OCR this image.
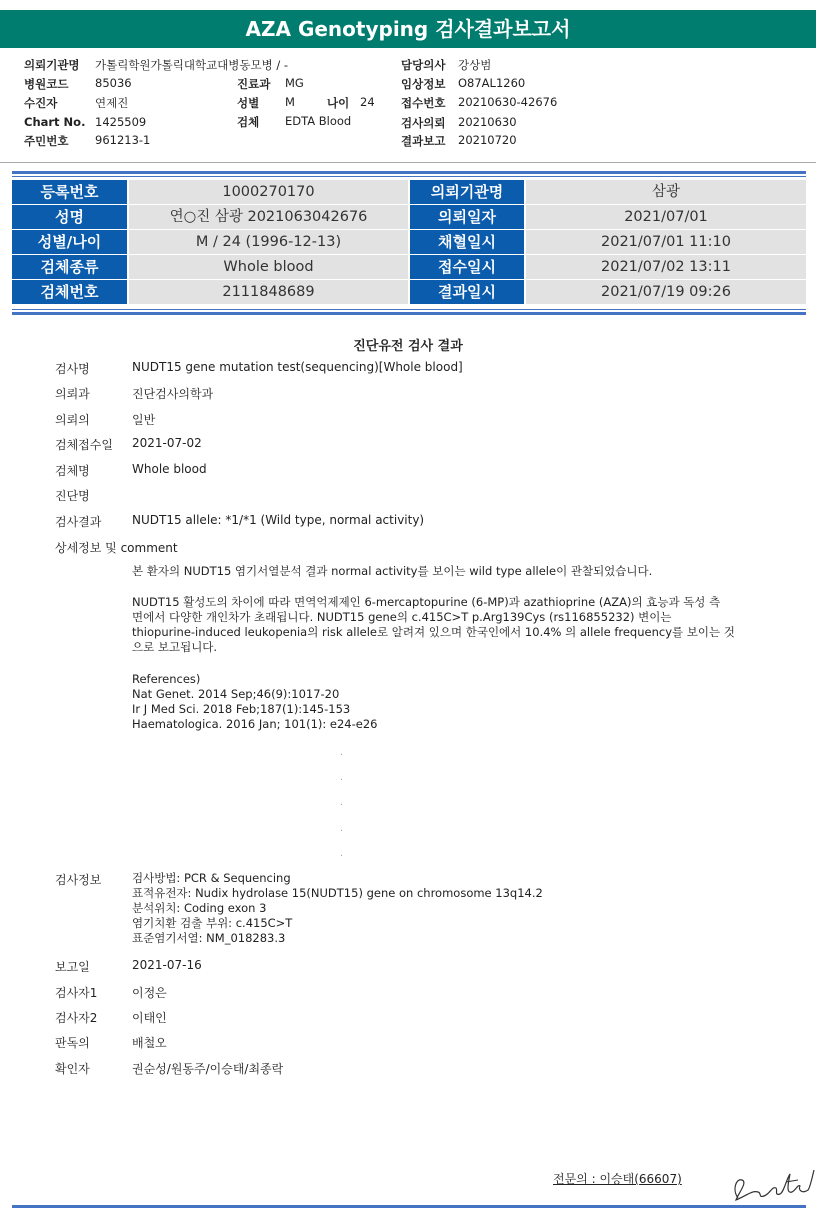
AZA Genotyping 검사결과보고서
의뢰기관명 가톨릭학원가톨릭대학교대병동모병 / -
병원코드 85036
수진자	연제진
Chart No. 1425509
주민번호 961213-1
진료과 MG
성별 M	나이 24
검체 EDTA Blood
담당의사 강상범
임상정보 O87AL1260
접수번호 20210630-42676
검사의뢰 20210630
결과보고 20210720
등록번호	1000270170	의뢰기관명	삼광
성명	연○진 삼광 2021063042676	의뢰일자	2021/07/01
성별/나이	M / 24 (1996-12-13)	채혈일시	2021/07/01 11:10
검체종류	Whole blood	접수일시	2021/07/02 13:11
검체번호	2111848689	결과일시	2021/07/19 09:26
진단유전 검사 결과
검사명	NUDT15 gene mutation test(sequencing)[Whole blood]
의뢰과	진단검사의학과
의뢰의	일반
검체접수일 2021-07-02
검체명	Whole blood
진단명
검사결과	NUDT15 allele: *1/*1 (Wild type, normal activity)
상세정보 및 comment
본 환자의 NUDT15 염기서열분석 결과 normal activity를 보이는 wild type allele이 관찰되었습니다.
NUDT15 활성도의 차이에 따라 면역억제제인 6-mercaptopurine (6-MP)과 azathioprine (AZA)의 효능과 독성 측
면에서 다양한 개인차가 초래됩니다. NUDT15 gene의 c.415C>T p.Arg139Cys (rs116855232) 변이는
thiopurine-induced leukopenia의 risk allele로 알려져 있으며 한국인에서 10.4% 의 allele frequency를 보이는 것
으로 보고됩니다.
References)
Nat Genet. 2014 Sep;46(9):1017-20
Ir J Med Sci. 2018 Feb;187(1):145-153
Haematologica. 2016 Jan; 101(1): e24-e26
.
.
.
.
.
검사정보	검사방법: PCR & Sequencing
표적유전자: Nudix hydrolase 15(NUDT15) gene on chromosome 13q14.2
분석위치: Coding exon 3
염기치환 검출 부위: c.415C>T
표준염기서열: NM_018283.3
보고일	2021-07-16
검사자1	이정은
검사자2	이태인
판독의	배철오
확인자	권순성/원동주/이승태/최종락
전문의 : 이승태(66607)
